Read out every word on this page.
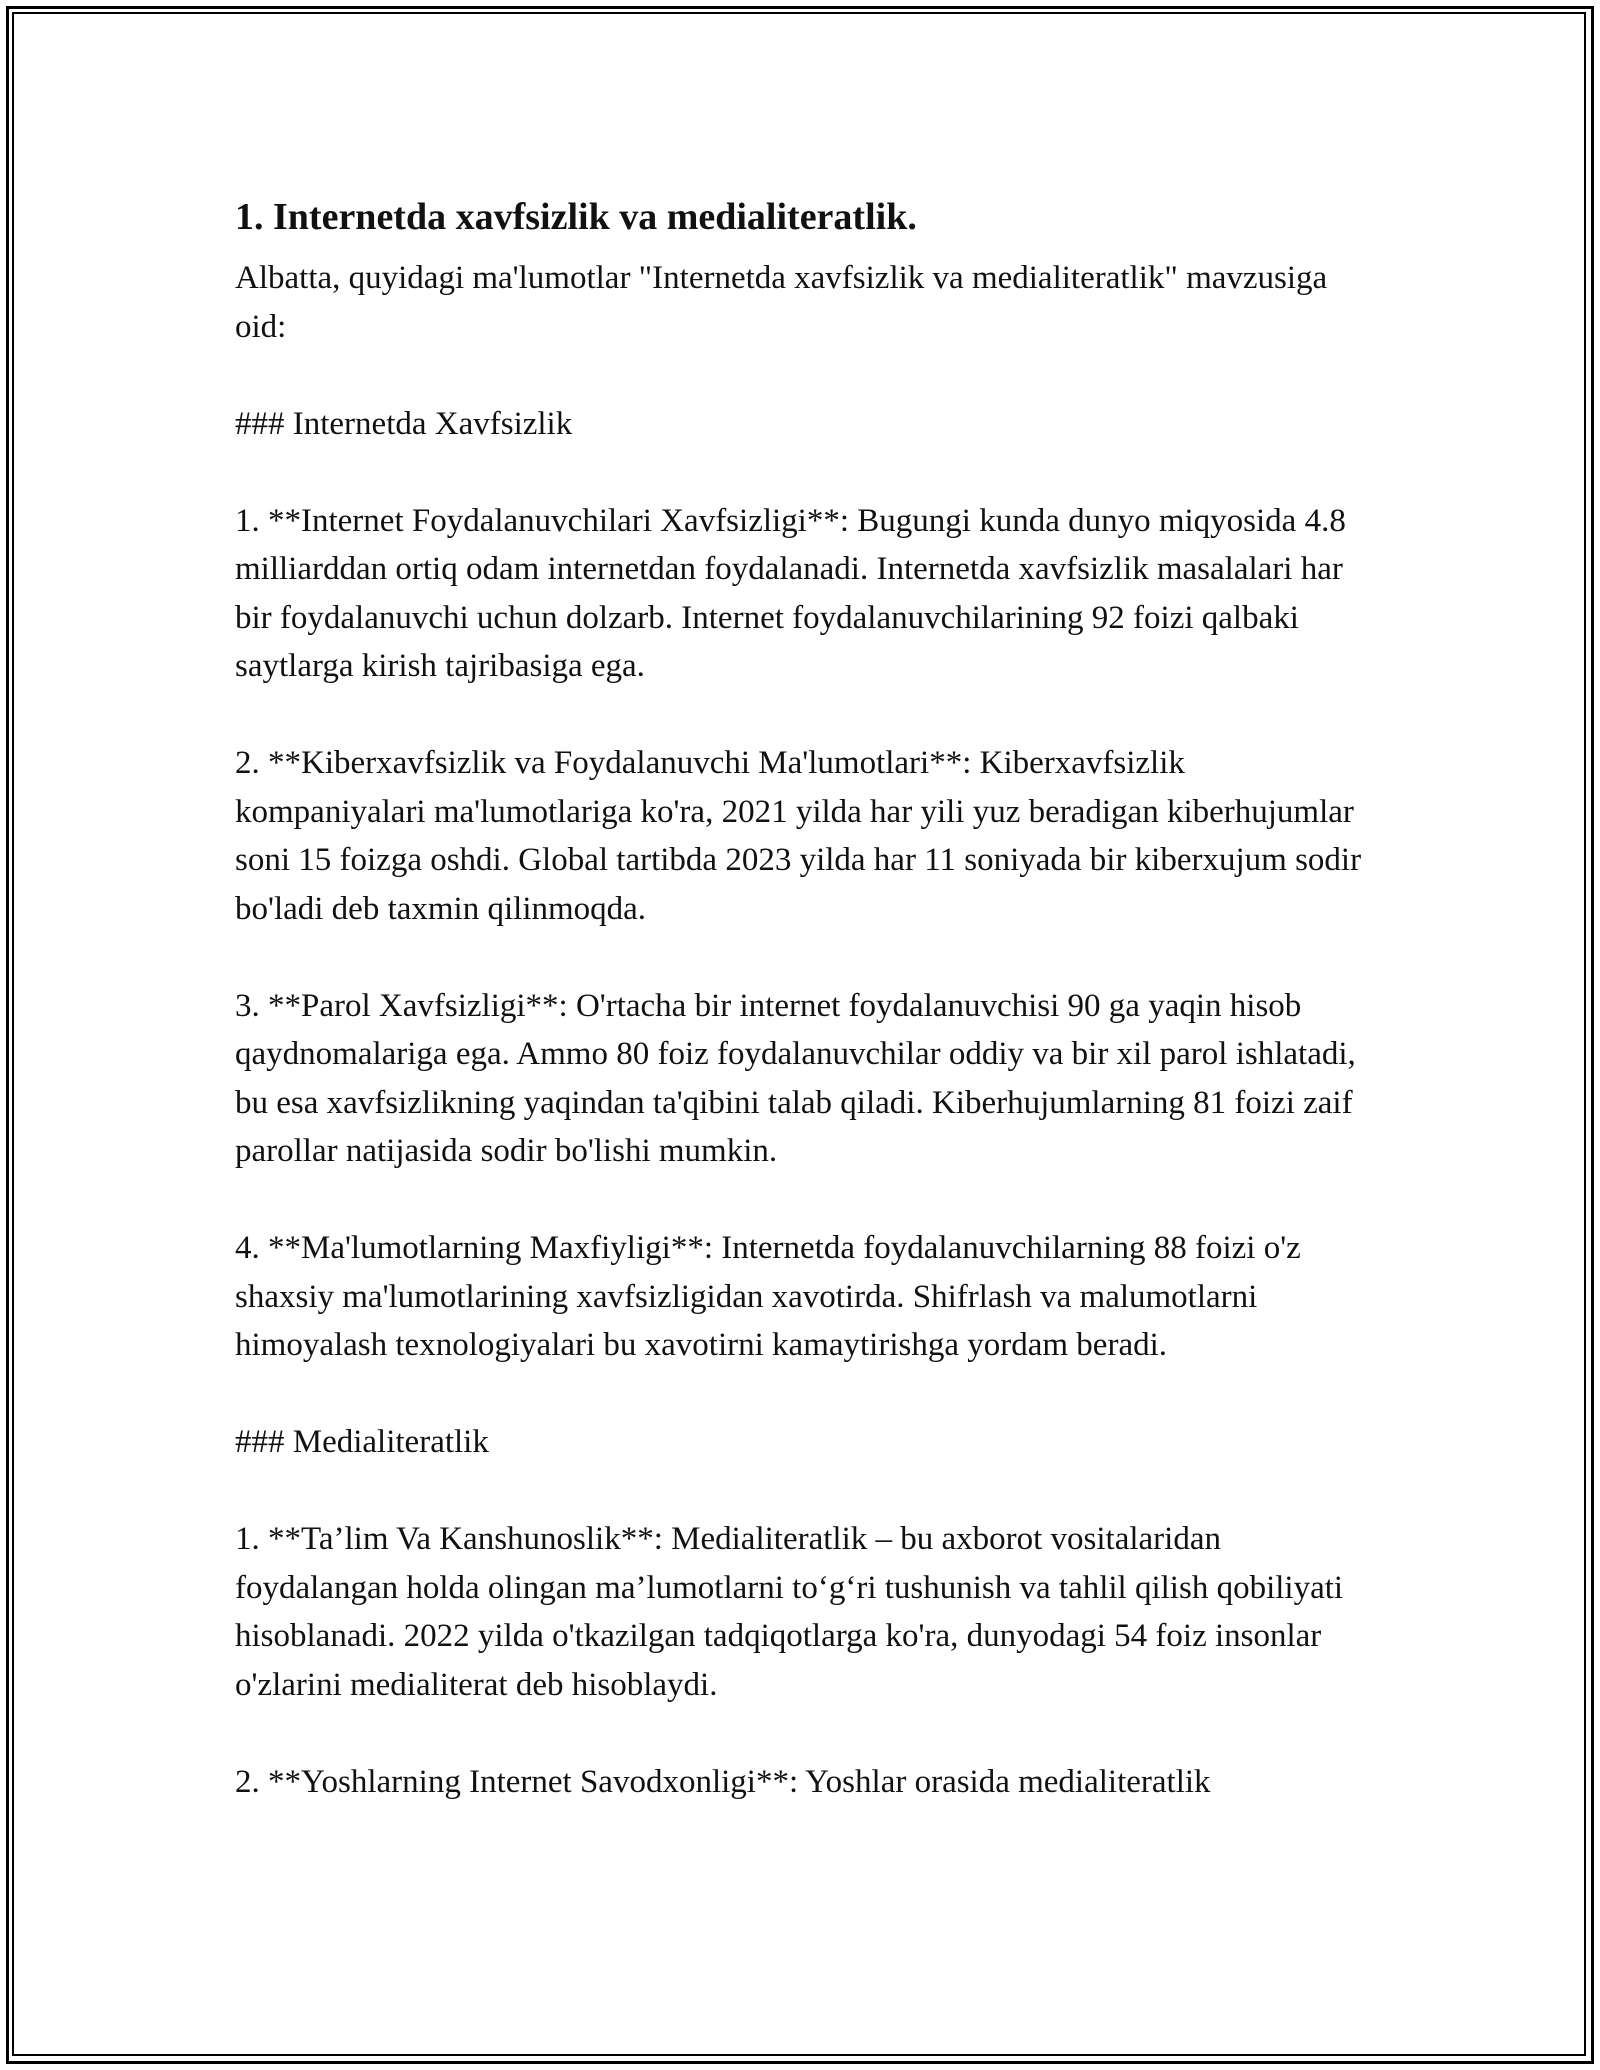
1. Internetda xavfsizlik va medialiteratlik.

Albatta, quyidagi ma'lumotlar "Internetda xavfsizlik va medialiteratlik" mavzusiga oid:

### Internetda Xavfsizlik

1. **Internet Foydalanuvchilari Xavfsizligi**: Bugungi kunda dunyo miqyosida 4.8 milliarddan ortiq odam internetdan foydalanadi. Internetda xavfsizlik masalalari har bir foydalanuvchi uchun dolzarb. Internet foydalanuvchilarining 92 foizi qalbaki saytlarga kirish tajribasiga ega.

2. **Kiberxavfsizlik va Foydalanuvchi Ma'lumotlari**: Kiberxavfsizlik kompaniyalari ma'lumotlariga ko'ra, 2021 yilda har yili yuz beradigan kiberhujumlar soni 15 foizga oshdi. Global tartibda 2023 yilda har 11 soniyada bir kiberxujum sodir bo'ladi deb taxmin qilinmoqda.

3. **Parol Xavfsizligi**: O'rtacha bir internet foydalanuvchisi 90 ga yaqin hisob qaydnomalariga ega. Ammo 80 foiz foydalanuvchilar oddiy va bir xil parol ishlatadi, bu esa xavfsizlikning yaqindan ta'qibini talab qiladi. Kiberhujumlarning 81 foizi zaif parollar natijasida sodir bo'lishi mumkin.

4. **Ma'lumotlarning Maxfiyligi**: Internetda foydalanuvchilarning 88 foizi o'z shaxsiy ma'lumotlarining xavfsizligidan xavotirda. Shifrlash va malumotlarni himoyalash texnologiyalari bu xavotirni kamaytirishga yordam beradi.

### Medialiteratlik

1. **Ta’lim Va Kanshunoslik**: Medialiteratlik – bu axborot vositalaridan foydalangan holda olingan ma’lumotlarni to‘g‘ri tushunish va tahlil qilish qobiliyati hisoblanadi. 2022 yilda o'tkazilgan tadqiqotlarga ko'ra, dunyodagi 54 foiz insonlar o'zlarini medialiterat deb hisoblaydi.

2. **Yoshlarning Internet Savodxonligi**: Yoshlar orasida medialiteratlik
